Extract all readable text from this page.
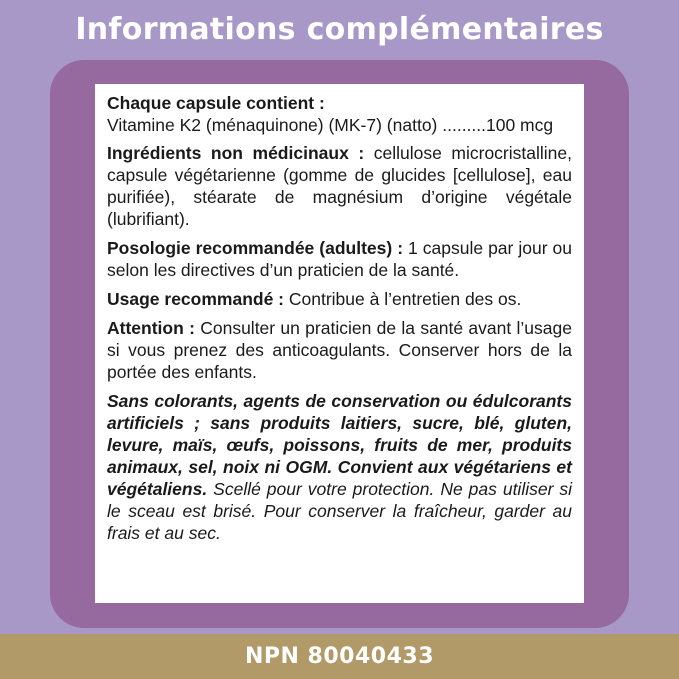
Informations complémentaires

Chaque capsule contient :
Vitamine K2 (ménaquinone) (MK-7) (natto) .........100 mcg

Ingrédients non médicinaux : cellulose microcristalline, capsule végétarienne (gomme de glucides [cellulose], eau purifiée), stéarate de magnésium d’origine végétale (lubrifiant).

Posologie recommandée (adultes) : 1 capsule par jour ou selon les directives d’un praticien de la santé.

Usage recommandé : Contribue à l’entretien des os.

Attention : Consulter un praticien de la santé avant l’usage si vous prenez des anticoagulants. Conserver hors de la portée des enfants.

Sans colorants, agents de conservation ou édulcorants artificiels ; sans produits laitiers, sucre, blé, gluten, levure, maïs, œufs, poissons, fruits de mer, produits animaux, sel, noix ni OGM. Convient aux végétariens et végétaliens. Scellé pour votre protection. Ne pas utiliser si le sceau est brisé. Pour conserver la fraîcheur, garder au frais et au sec.

NPN 80040433
